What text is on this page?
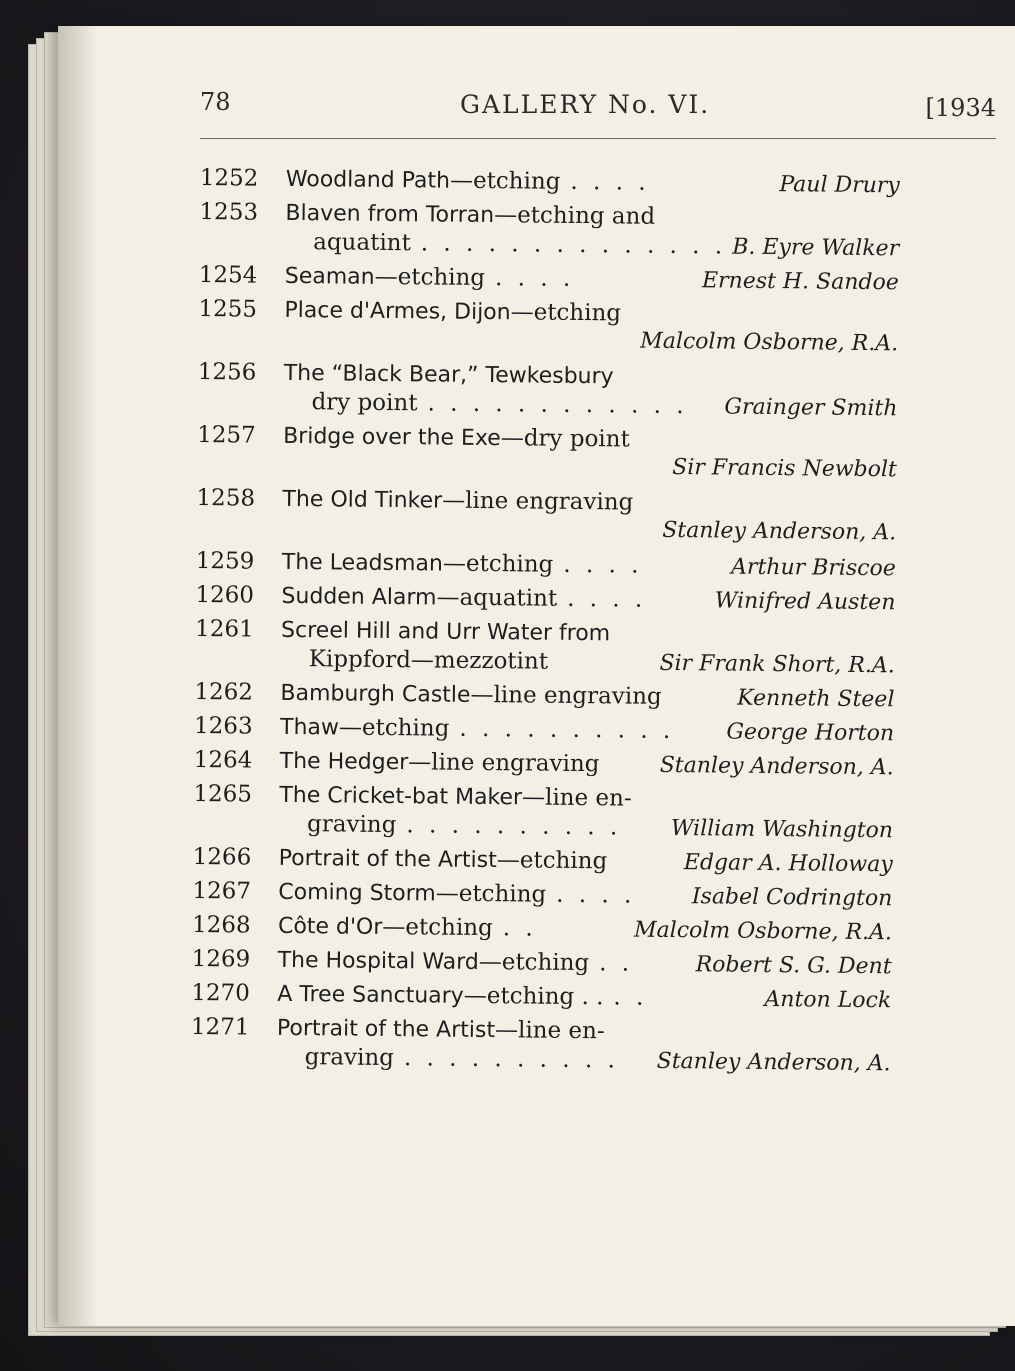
78	GALLERY No. VI.	[1934
1252	Woodland Path—etching . . . .	Paul Drury
1253	Blaven from Torran—etching and
aquatint . . . . . . . . . . . . . . B. Eyre Walker
1254	Seaman—etching . . . .	Ernest H. Sandoe
1255	Place d'Armes, Dijon—etching
Malcolm Osborne, R.A.
1256	The “Black Bear,” Tewkesbury
dry point . . . . . . . . . . . . Grainger Smith
1257	Bridge over the Exe—dry point
Sir Francis Newbolt
1258	The Old Tinker—line engraving
Stanley Anderson, A.
1259	The Leadsman—etching . . . .	Arthur Briscoe
1260	Sudden Alarm—aquatint . . . .	Winifred Austen
1261	Screel Hill and Urr Water from
Kippford—mezzotint	Sir Frank Short, R.A.
1262	Bamburgh Castle—line engraving	Kenneth Steel
1263	Thaw—etching . . . . . . . . . . George Horton
1264	The Hedger—line engraving	Stanley Anderson, A.
1265	The Cricket-bat Maker—line en-
graving . . . . . . . . . . William Washington
1266	Portrait of the Artist—etching	Edgar A. Holloway
1267	Coming Storm—etching . . . .	Isabel Codrington
1268	Côte d'Or—etching . .	Malcolm Osborne, R.A.
1269	The Hospital Ward—etching . .	Robert S. G. Dent
1270	A Tree Sanctuary—etching . . . .	Anton Lock
1271	Portrait of the Artist—line en-
graving . . . . . . . . . . Stanley Anderson, A.
